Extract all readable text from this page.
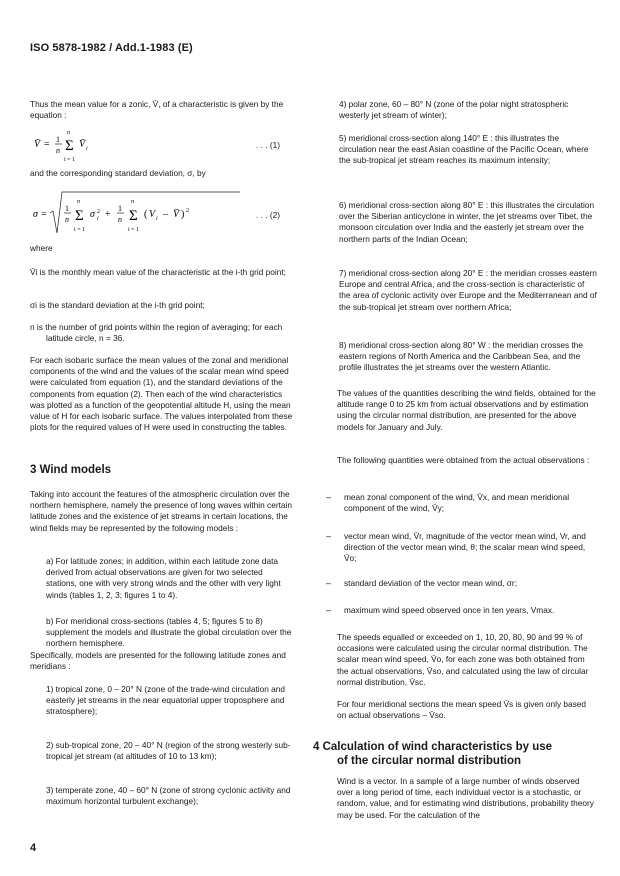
ISO 5878-1982 / Add.1-1983 (E)
Thus the mean value for a zonic, V̄, of a characteristic is given by the equation :
V̄ = 1
n
n
Σ
i = 1
V̄ i	. . . (1)
and the corresponding standard deviation, σ, by
σ =
1
n
n
Σ
i = 1
σ 2
i +
1
n
n
Σ
i = 1
( V i – V̄ ) 2	. . . (2)
where
V̄i is the monthly mean value of the characteristic at the i-th grid point;
σi is the standard deviation at the i-th grid point;
n is the number of grid points within the region of averaging; for each latitude circle, n = 36.
For each isobaric surface the mean values of the zonal and meridional components of the wind and the values of the scalar mean wind speed were calculated from equation (1), and the standard deviations of the components from equation (2). Then each of the wind characteristics was plotted as a function of the geopotential altitude H, using the mean value of H for each isobaric surface. The values interpolated from these plots for the required values of H were used in constructing the tables.
3 Wind models
Taking into account the features of the atmospheric circulation over the northern hemisphere, namely the presence of long waves within certain latitude zones and the existence of jet streams in certain locations, the wind fields may be represented by the following models :
a) For latitude zones; in addition, within each latitude zone data derived from actual observations are given for two selected stations, one with very strong winds and the other with very light winds (tables 1, 2, 3; figures 1 to 4).
b) For meridional cross-sections (tables 4, 5; figures 5 to 8) supplement the models and illustrate the global circulation over the northern hemisphere.
Specifically, models are presented for the following latitude zones and meridians :
1) tropical zone, 0 – 20° N (zone of the trade-wind circulation and easterly jet streams in the near equatorial upper troposphere and stratosphere);
2) sub-tropical zone, 20 – 40° N (region of the strong westerly sub-tropical jet stream (at altitudes of 10 to 13 km);
3) temperate zone, 40 – 60° N (zone of strong cyclonic activity and maximum horizontal turbulent exchange);
4
4) polar zone, 60 – 80° N (zone of the polar night stratospheric westerly jet stream of winter);
5) meridional cross-section along 140° E : this illustrates the circulation near the east Asian coastline of the Pacific Ocean, where the sub-tropical jet stream reaches its maximum intensity;
6) meridional cross-section along 80° E : this illustrates the circulation over the Siberian anticyclone in winter, the jet streams over Tibet, the monsoon circulation over India and the easterly jet stream over the northern parts of the Indian Ocean;
7) meridional cross-section along 20° E : the meridian crosses eastern Europe and central Africa, and the cross-section is characteristic of the area of cyclonic activity over Europe and the Mediterranean and of the sub-tropical jet stream over northern Africa;
8) meridional cross-section along 80° W : the meridian crosses the eastern regions of North America and the Caribbean Sea, and the profile illustrates the jet streams over the western Atlantic.
The values of the quantities describing the wind fields, obtained for the altitude range 0 to 25 km from actual observations and by estimation using the circular normal distribution, are presented for the above models for January and July.
The following quantities were obtained from the actual observations :
– mean zonal component of the wind, V̄x, and mean meridional component of the wind, V̄y;
– vector mean wind, V̄r, magnitude of the vector mean wind, Vr, and direction of the vector mean wind, θ; the scalar mean wind speed, V̄o;
– standard deviation of the vector mean wind, σr;
– maximum wind speed observed once in ten years, Vmax.
The speeds equalled or exceeded on 1, 10, 20, 80, 90 and 99 % of occasions were calculated using the circular normal distribution. The scalar mean wind speed, V̄o, for each zone was both obtained from the actual observations, V̄so, and calculated using the law of circular normal distribution, V̄sc.
For four meridional sections the mean speed V̄s is given only based on actual observations – V̄so.
4 Calculation of wind characteristics by use
of the circular normal distribution
Wind is a vector. In a sample of a large number of winds observed over a long period of time, each individual vector is a stochastic, or random, value, and for estimating wind distributions, probability theory may be used. For the calculation of the
